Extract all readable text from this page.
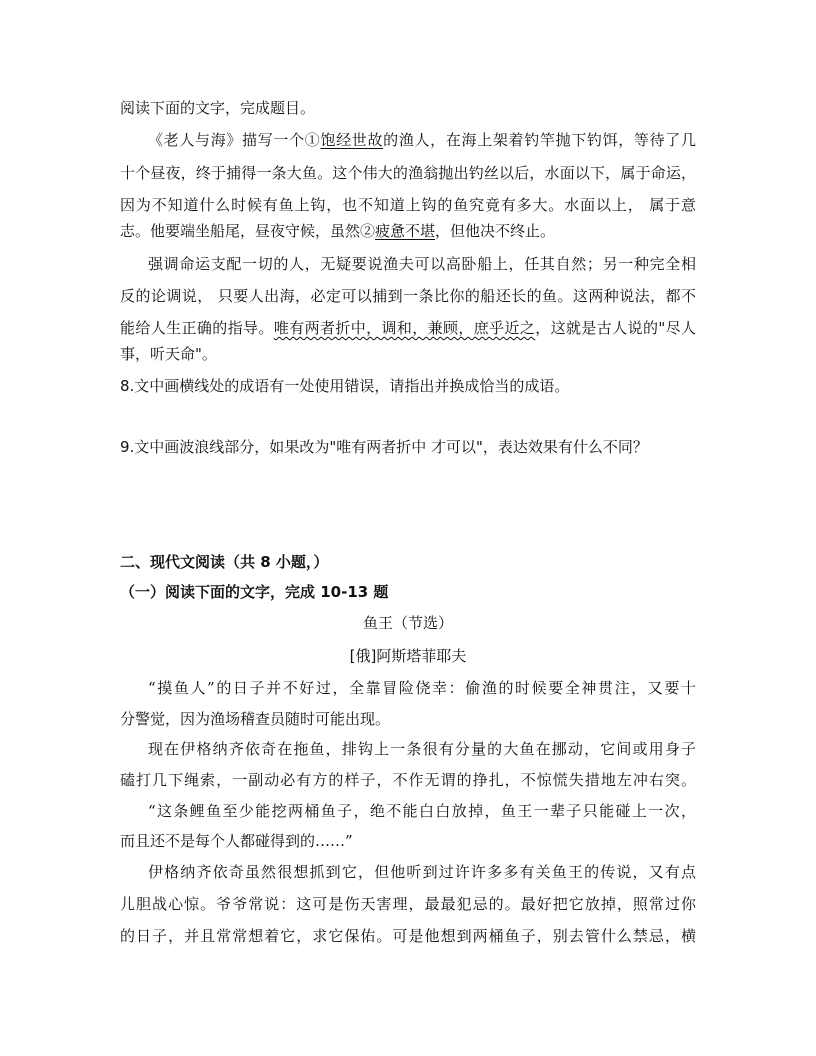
阅读下面的文字，完成题目。
《老人与海》描写一个①饱经世故的渔人，在海上架着钓竿抛下钓饵，等待了几
十个昼夜，终于捕得一条大鱼。这个伟大的渔翁抛出钓丝以后，水面以下，属于命运，
因为不知道什么时候有鱼上钩，也不知道上钩的鱼究竟有多大。水面以上， 属于意
志。他要端坐船尾，昼夜守候，虽然②疲惫不堪，但他决不终止。
强调命运支配一切的人，无疑要说渔夫可以高卧船上，任其自然；另一种完全相
反的论调说， 只要人出海，必定可以捕到一条比你的船还长的鱼。这两种说法，都不
能给人生正确的指导。唯有两者折中，调和，兼顾，庶乎近之，这就是古人说的"尽人
事，听天命"。
8.文中画横线处的成语有一处使用错误，请指出并换成恰当的成语。
9.文中画波浪线部分，如果改为"唯有两者折中 才可以"，表达效果有什么不同？
二、现代文阅读（共 8 小题，）
（一）阅读下面的文字，完成 10-13 题
鱼王（节选）
[俄]阿斯塔菲耶夫
“摸鱼人”的日子并不好过，全靠冒险侥幸：偷渔的时候要全神贯注，又要十
分警觉，因为渔场稽查员随时可能出现。
现在伊格纳齐依奇在拖鱼，排钩上一条很有分量的大鱼在挪动，它间或用身子
磕打几下绳索，一副动必有方的样子，不作无谓的挣扎，不惊慌失措地左冲右突。
“这条鲤鱼至少能挖两桶鱼子，绝不能白白放掉，鱼王一辈子只能碰上一次，
而且还不是每个人都碰得到的……”
伊格纳齐依奇虽然很想抓到它，但他听到过许许多多有关鱼王的传说，又有点
儿胆战心惊。爷爷常说：这可是伤天害理，最最犯忌的。最好把它放掉，照常过你
的日子，并且常常想着它，求它保佑。可是他想到两桶鱼子，别去管什么禁忌，横
